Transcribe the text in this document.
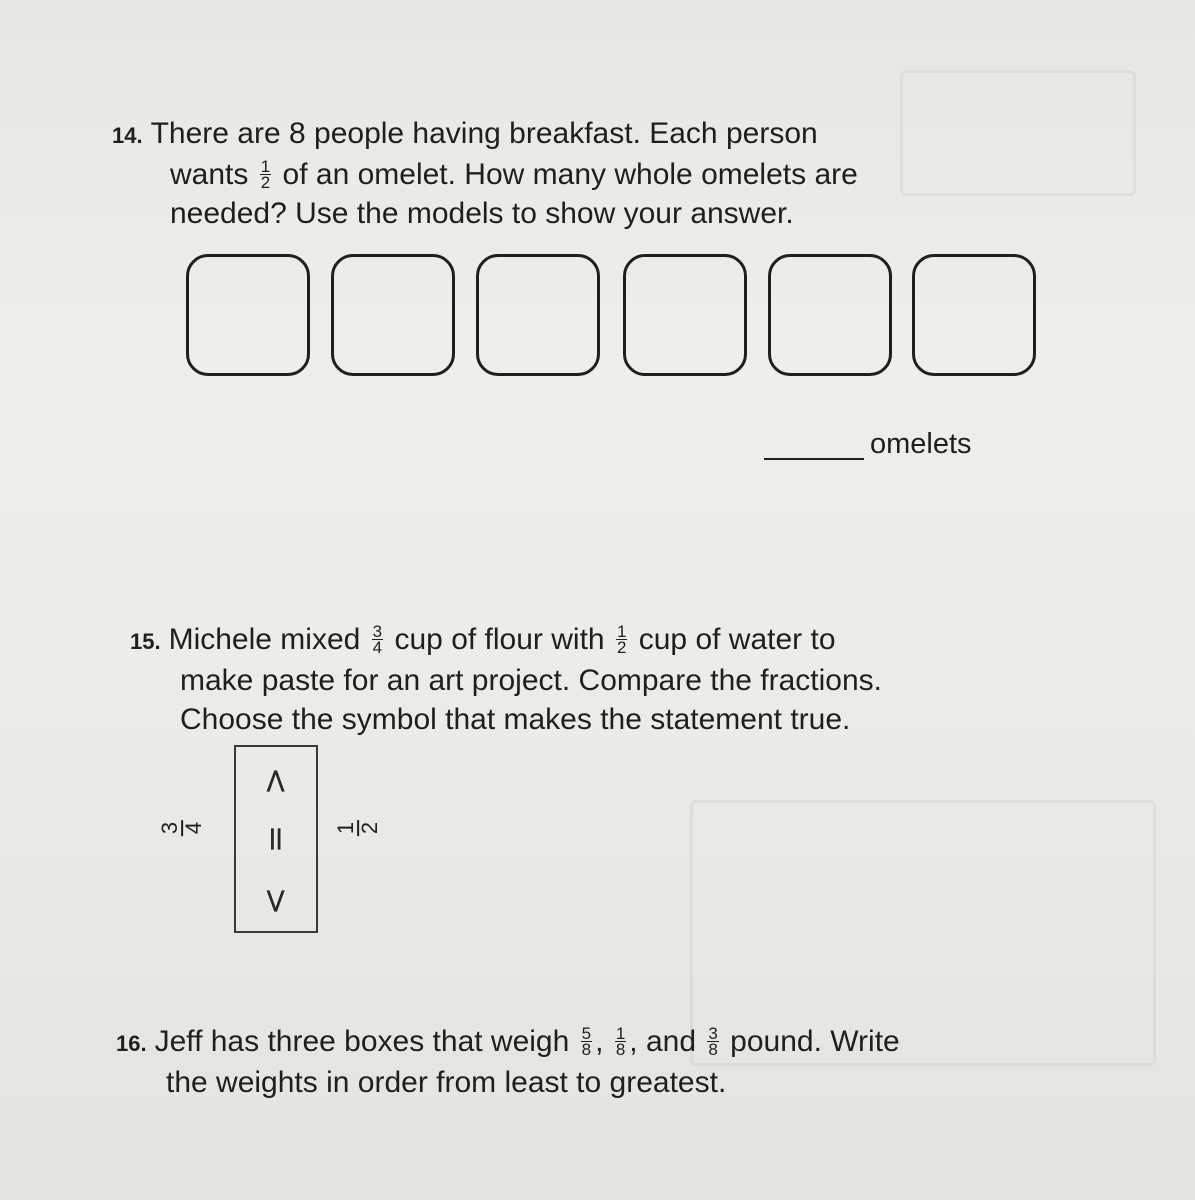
14. There are 8 people having breakfast. Each person
wants $\frac{1}{2}$ of an omelet. How many whole omelets are
needed? Use the models to show your answer.
omelets
15. Michele mixed $\frac{3}{4}$ cup of flour with $\frac{1}{2}$ cup of water to
make paste for an art project. Compare the fractions.
Choose the symbol that makes the statement true.
3 4
<
=
>
1 2
16. Jeff has three boxes that weigh $\frac{5}{8}$ , $\frac{1}{8}$ , and $\frac{3}{8}$ pound. Write
the weights in order from least to greatest.
